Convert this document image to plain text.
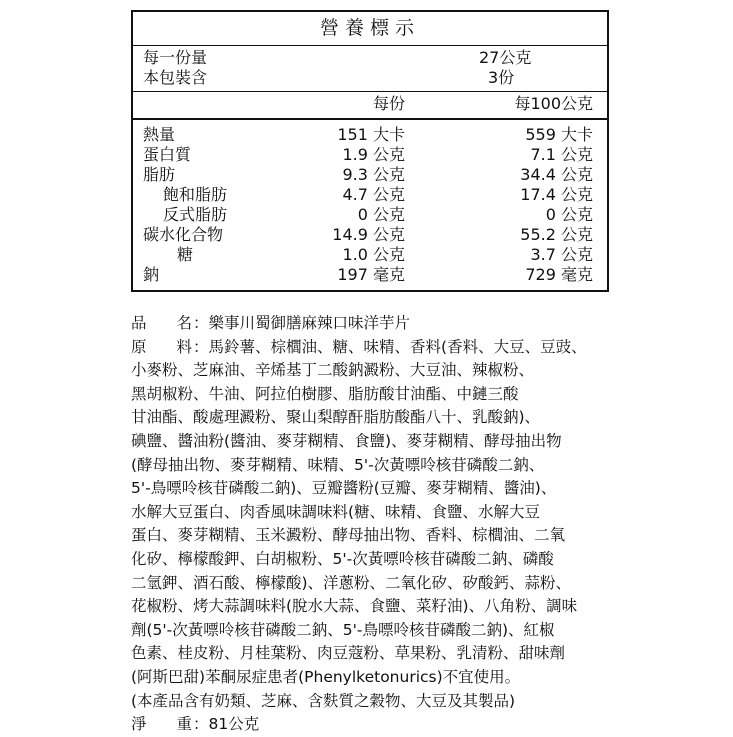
營養標示
每一份量	27公克
本包裝含	3份
每份	每100公克
熱量	151 大卡	559 大卡
蛋白質	1.9 公克	7.1 公克
脂肪	9.3 公克	34.4 公克
飽和脂肪	4.7 公克	17.4 公克
反式脂肪	0 公克	0 公克
碳水化合物	14.9 公克	55.2 公克
糖	1.0 公克	3.7 公克
鈉	197 毫克	729 毫克
品 名：樂事川蜀御膳麻辣口味洋芋片
原 料：馬鈴薯、棕櫚油、糖、味精、香料(香料、大豆、豆豉、
小麥粉、芝麻油、辛烯基丁二酸鈉澱粉、大豆油、辣椒粉、
黑胡椒粉、牛油、阿拉伯樹膠、脂肪酸甘油酯、中鏈三酸
甘油酯、酸處理澱粉、聚山梨醇酐脂肪酸酯八十、乳酸鈉)、
碘鹽、醬油粉(醬油、麥芽糊精、食鹽)、麥芽糊精、酵母抽出物
(酵母抽出物、麥芽糊精、味精、5'-次黃嘌呤核苷磷酸二鈉、
5'-鳥嘌呤核苷磷酸二鈉)、豆瓣醬粉(豆瓣、麥芽糊精、醬油)、
水解大豆蛋白、肉香風味調味料(糖、味精、食鹽、水解大豆
蛋白、麥芽糊精、玉米澱粉、酵母抽出物、香料、棕櫚油、二氧
化矽、檸檬酸鉀、白胡椒粉、5'-次黃嘌呤核苷磷酸二鈉、磷酸
二氫鉀、酒石酸、檸檬酸)、洋蔥粉、二氧化矽、矽酸鈣、蒜粉、
花椒粉、烤大蒜調味料(脫水大蒜、食鹽、菜籽油)、八角粉、調味
劑(5'-次黃嘌呤核苷磷酸二鈉、5'-鳥嘌呤核苷磷酸二鈉)、紅椒
色素、桂皮粉、月桂葉粉、肉豆蔻粉、草果粉、乳清粉、甜味劑
(阿斯巴甜)苯酮尿症患者(Phenylketonurics)不宜使用。
(本產品含有奶類、芝麻、含麩質之穀物、大豆及其製品)
淨 重：81公克
